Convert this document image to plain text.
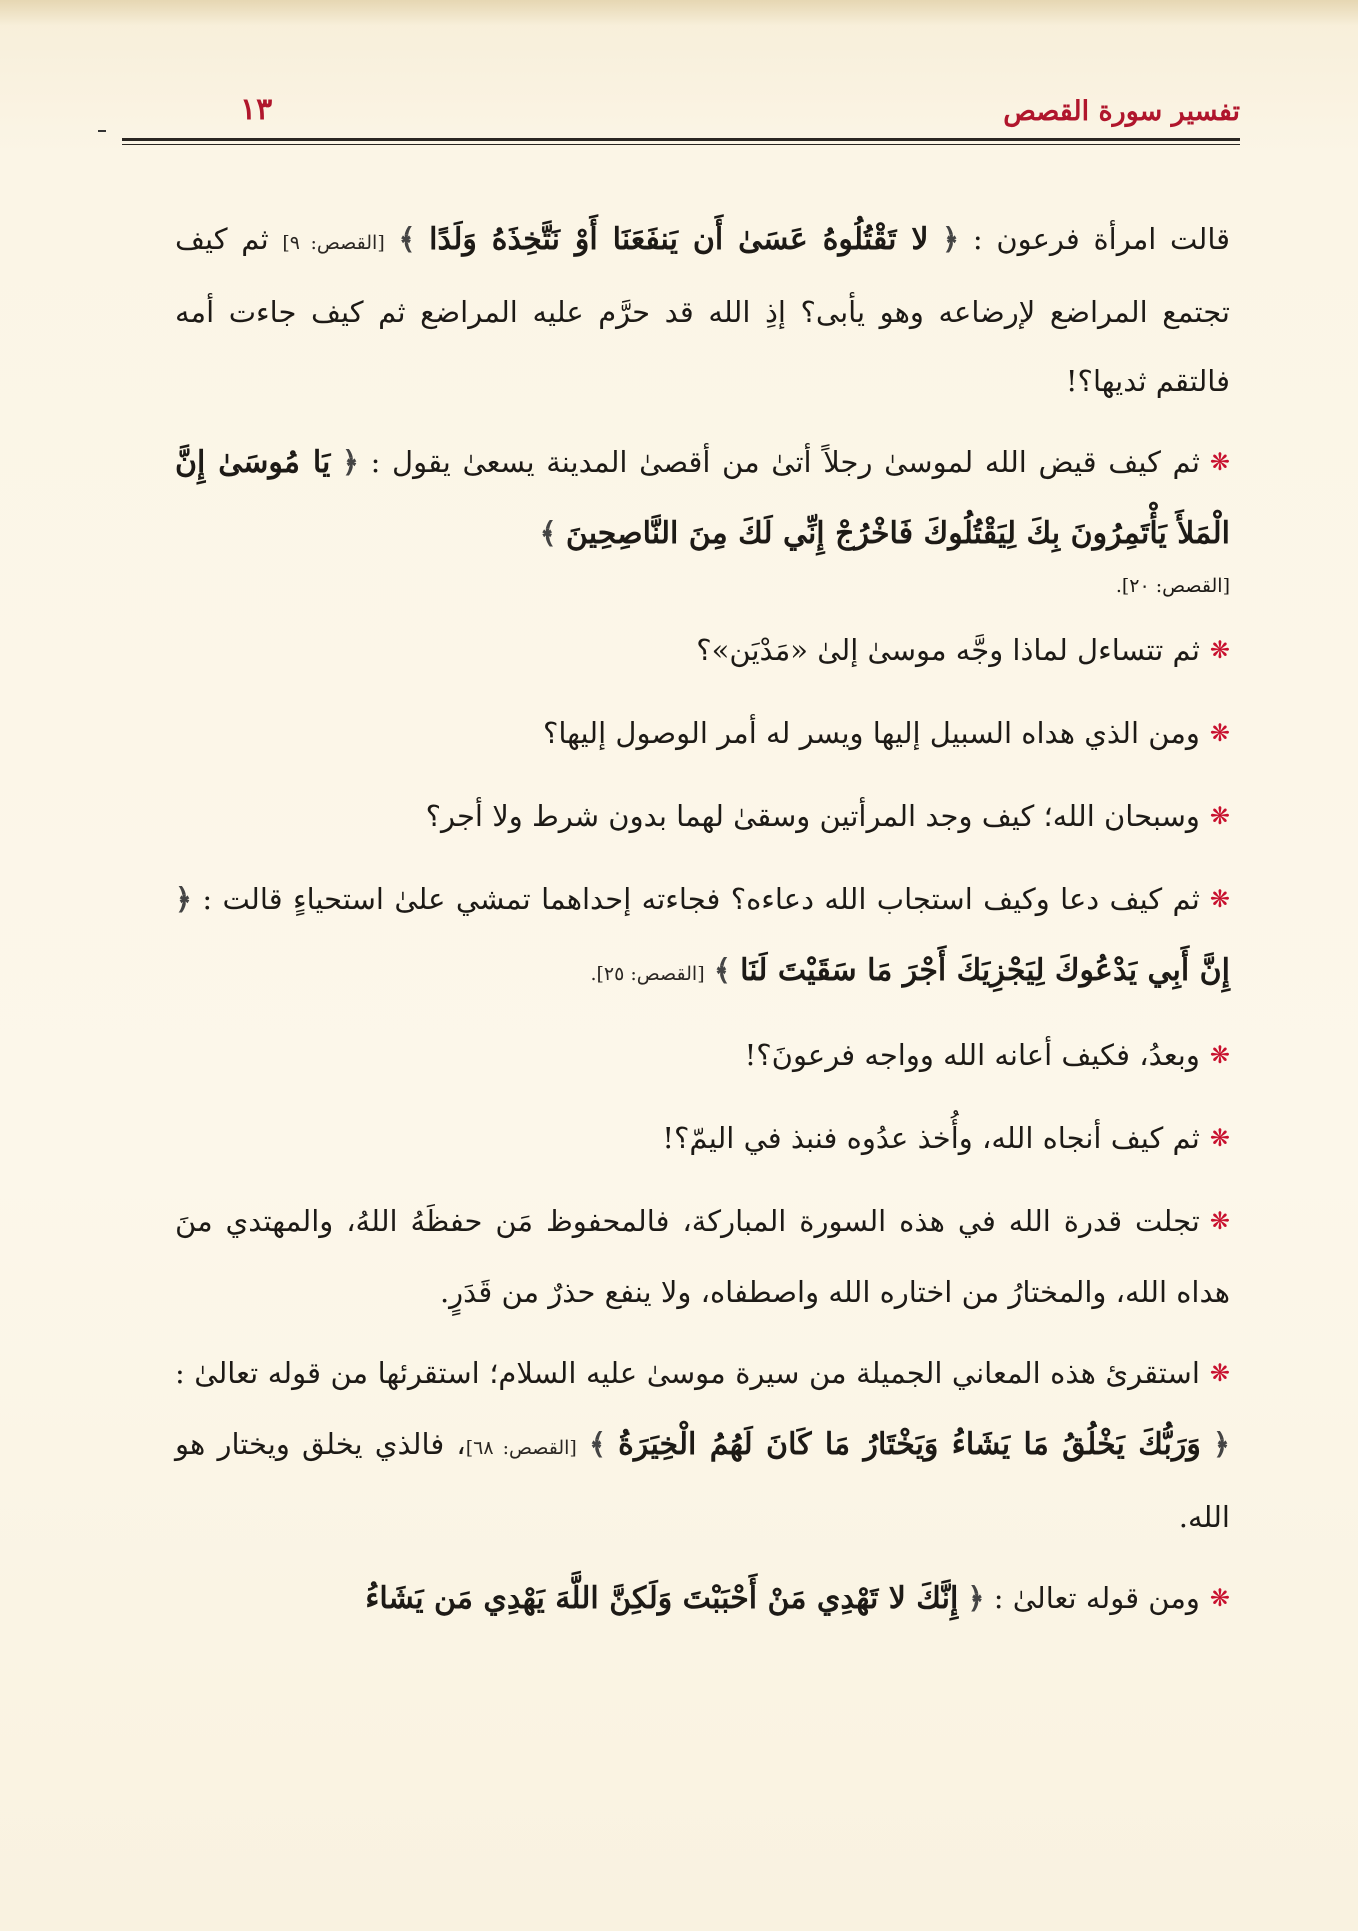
تفسير سورة القصص
١٣

قالت امرأة فرعون : ﴿ لا تَقْتُلُوهُ عَسَىٰ أَن يَنفَعَنَا أَوْ نَتَّخِذَهُ وَلَدًا ﴾ [القصص: ٩] ثم كيف تجتمع المراضع لإرضاعه وهو يأبى؟ إذِ الله قد حرَّم عليه المراضع ثم كيف جاءت أمه فالتقم ثديها؟!

❋ثم كيف قيض الله لموسىٰ رجلاً أتىٰ من أقصىٰ المدينة يسعىٰ يقول : ﴿ يَا مُوسَىٰ إِنَّ الْمَلأَ يَأْتَمِرُونَ بِكَ لِيَقْتُلُوكَ فَاخْرُجْ إِنِّي لَكَ مِنَ النَّاصِحِينَ ﴾

[القصص: ٢٠].

❋ثم تتساءل لماذا وجَّه موسىٰ إلىٰ «مَدْيَن»؟

❋ومن الذي هداه السبيل إليها ويسر له أمر الوصول إليها؟

❋وسبحان الله؛ كيف وجد المرأتين وسقىٰ لهما بدون شرط ولا أجر؟

❋ثم كيف دعا وكيف استجاب الله دعاءه؟ فجاءته إحداهما تمشي علىٰ استحياءٍ قالت : ﴿ إِنَّ أَبِي يَدْعُوكَ لِيَجْزِيَكَ أَجْرَ مَا سَقَيْتَ لَنَا ﴾ [القصص: ٢٥].

❋وبعدُ، فكيف أعانه الله وواجه فرعونَ؟!

❋ثم كيف أنجاه الله، وأُخذ عدُوه فنبذ في اليمّ؟!

❋تجلت قدرة الله في هذه السورة المباركة، فالمحفوظ مَن حفظَهُ اللهُ، والمهتدي منَ هداه الله، والمختارُ من اختاره الله واصطفاه، ولا ينفع حذرٌ من قَدَرٍ.

❋استقرئ هذه المعاني الجميلة من سيرة موسىٰ عليه السلام؛ استقرئها من قوله تعالىٰ : ﴿ وَرَبُّكَ يَخْلُقُ مَا يَشَاءُ وَيَخْتَارُ مَا كَانَ لَهُمُ الْخِيَرَةُ ﴾ [القصص: ٦٨]، فالذي يخلق ويختار هو الله.

❋ومن قوله تعالىٰ : ﴿ إِنَّكَ لا تَهْدِي مَنْ أَحْبَبْتَ وَلَكِنَّ اللَّهَ يَهْدِي مَن يَشَاءُ
